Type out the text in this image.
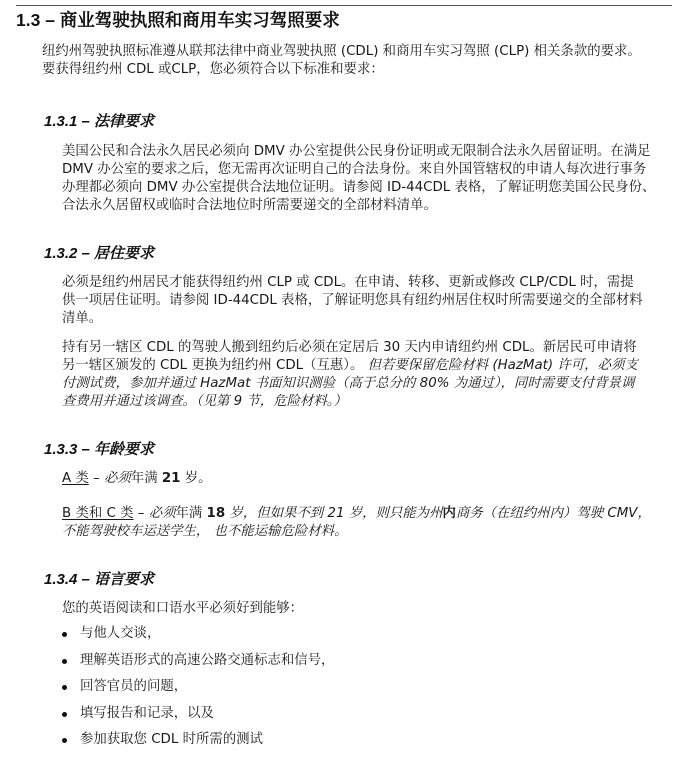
1.3 – 商业驾驶执照和商用车实习驾照要求

纽约州驾驶执照标准遵从联邦法律中商业驾驶执照 (CDL) 和商用车实习驾照 (CLP) 相关条款的要求。

要获得纽约州 CDL 或CLP，您必须符合以下标准和要求：

1.3.1 – 法律要求

美国公民和合法永久居民必须向 DMV 办公室提供公民身份证明或无限制合法永久居留证明。在满足

DMV 办公室的要求之后，您无需再次证明自己的合法身份。来自外国管辖权的申请人每次进行事务

办理都必须向 DMV 办公室提供合法地位证明。请参阅 ID-44CDL 表格，了解证明您美国公民身份、

合法永久居留权或临时合法地位时所需要递交的全部材料清单。

1.3.2 – 居住要求

必须是纽约州居民才能获得纽约州 CLP 或 CDL。在申请、转移、更新或修改 CLP/CDL 时，需提

供一项居住证明。请参阅 ID-44CDL 表格，了解证明您具有纽约州居住权时所需要递交的全部材料

清单。

持有另一辖区 CDL 的驾驶人搬到纽约后必须在定居后 30 天内申请纽约州 CDL。新居民可申请将

另一辖区颁发的 CDL 更换为纽约州 CDL（互惠）。 但若要保留危险材料 (HazMat) 许可，必须支

付测试费，参加并通过 HazMat 书面知识测验（高于总分的 80% 为通过），同时需要支付背景调

查费用并通过该调查。（见第 9 节，危险材料。）

1.3.3 – 年龄要求

A 类 – 必须年满 21 岁。

B 类和 C 类 – 必须年满 18 岁，但如果不到 21 岁，则只能为州内商务（在纽约州内）驾驶 CMV，

不能驾驶校车运送学生， 也不能运输危险材料。

1.3.4 – 语言要求

您的英语阅读和口语水平必须好到能够：

与他人交谈，
理解英语形式的高速公路交通标志和信号，
回答官员的问题，
填写报告和记录，以及
参加获取您 CDL 时所需的测试
